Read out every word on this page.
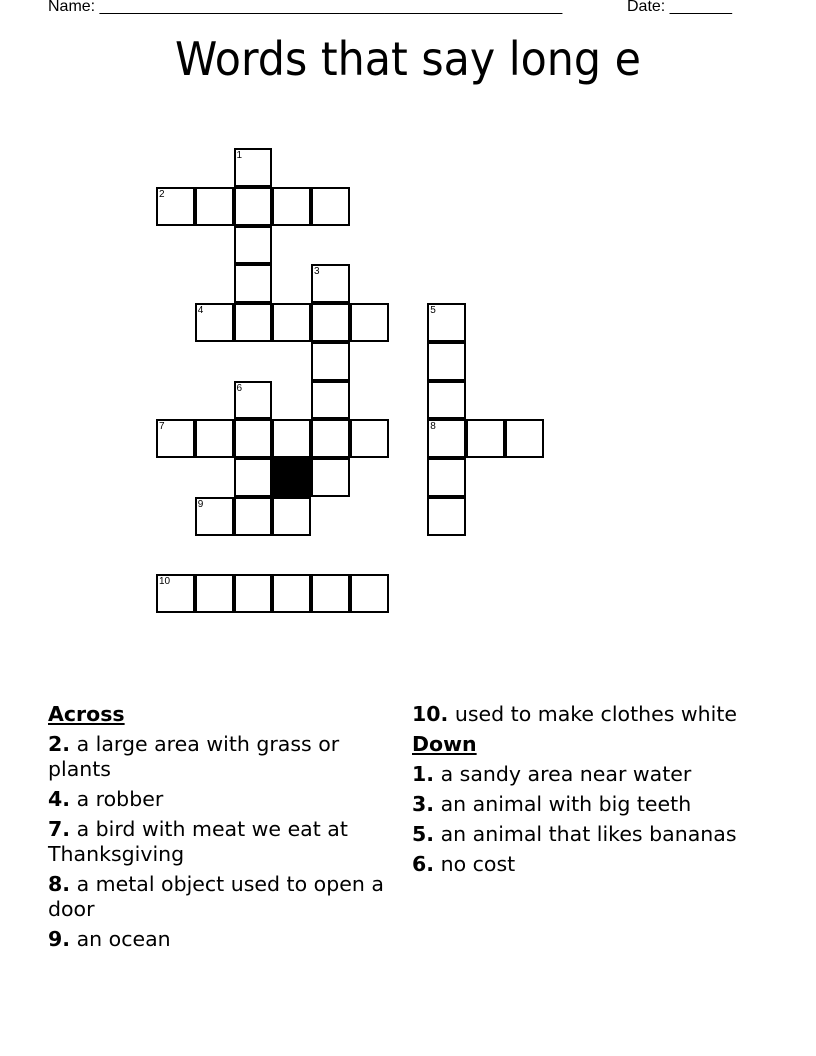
Name: ____________________________________________________	Date: _______
Words that say long e
1
2
3
4	5
6
7	8
9
10
Across
2. a large area with grass or plants
4. a robber
7. a bird with meat we eat at Thanksgiving
8. a metal object used to open a door
9. an ocean
10. used to make clothes white
Down
1. a sandy area near water
3. an animal with big teeth
5. an animal that likes bananas
6. no cost
